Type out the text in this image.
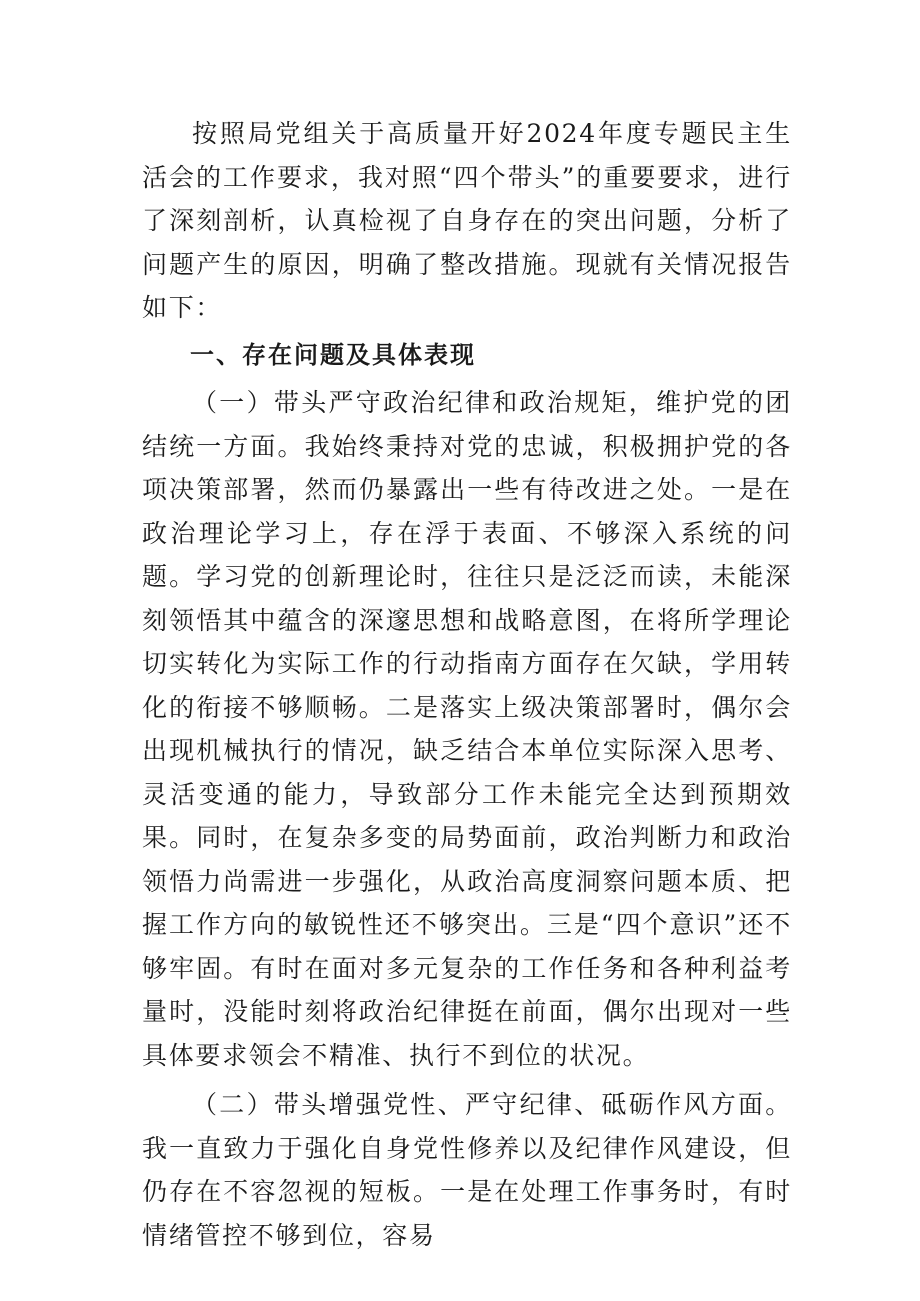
按照局党组关于高质量开好2024年度专题民主生活会的工作要求，我对照“四个带头”的重要要求，进行了深刻剖析，认真检视了自身存在的突出问题，分析了问题产生的原因，明确了整改措施。现就有关情况报告如下：

一、存在问题及具体表现

（一）带头严守政治纪律和政治规矩，维护党的团结统一方面。我始终秉持对党的忠诚，积极拥护党的各项决策部署，然而仍暴露出一些有待改进之处。一是在政治理论学习上，存在浮于表面、不够深入系统的问题。学习党的创新理论时，往往只是泛泛而读，未能深刻领悟其中蕴含的深邃思想和战略意图，在将所学理论切实转化为实际工作的行动指南方面存在欠缺，学用转化的衔接不够顺畅。二是落实上级决策部署时，偶尔会出现机械执行的情况，缺乏结合本单位实际深入思考、灵活变通的能力，导致部分工作未能完全达到预期效果。同时，在复杂多变的局势面前，政治判断力和政治领悟力尚需进一步强化，从政治高度洞察问题本质、把握工作方向的敏锐性还不够突出。三是“四个意识”还不够牢固。有时在面对多元复杂的工作任务和各种利益考量时，没能时刻将政治纪律挺在前面，偶尔出现对一些具体要求领会不精准、执行不到位的状况。

（二）带头增强党性、严守纪律、砥砺作风方面。我一直致力于强化自身党性修养以及纪律作风建设，但仍存在不容忽视的短板。一是在处理工作事务时，有时情绪管控不够到位，容易
